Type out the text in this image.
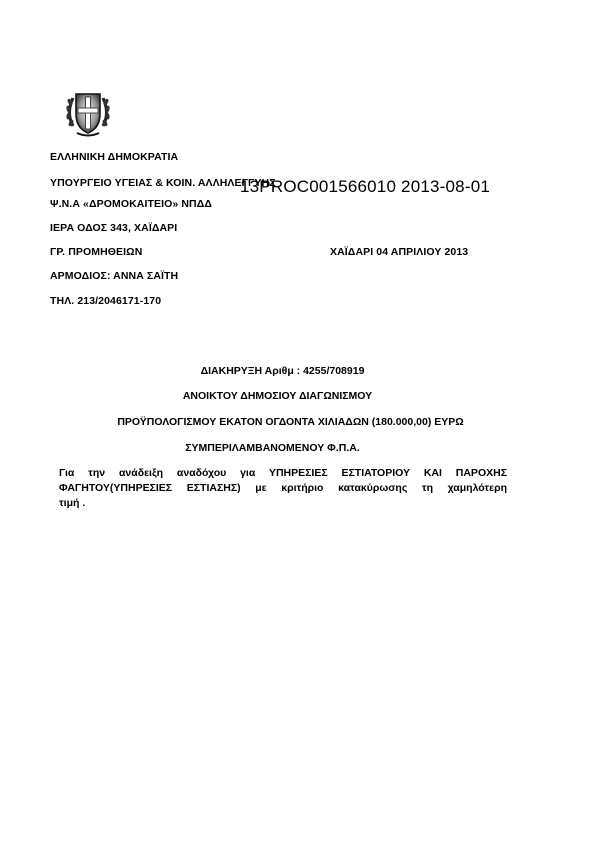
ΕΛΛΗΝΙΚΗ ΔΗΜΟΚΡΑΤΙΑ
ΥΠΟΥΡΓΕΙΟ ΥΓΕΙΑΣ & ΚΟΙΝ. ΑΛΛΗΛΕΓΓΥΗΣ
13PROC001566010 2013-08-01
Ψ.Ν.Α «ΔΡΟΜΟΚΑΙΤΕΙΟ» ΝΠΔΔ
ΙΕΡΑ ΟΔΟΣ 343, ΧΑΪΔΑΡΙ
ΓΡ. ΠΡΟΜΗΘΕΙΩΝ	ΧΑΪΔΑΡΙ 04 ΑΠΡΙΛΙΟΥ 2013
ΑΡΜΟΔΙΟΣ: ΑΝΝΑ ΣΑΪΤΗ
ΤΗΛ. 213/2046171-170
ΔΙΑΚΗΡΥΞΗ Αριθμ : 4255/708919
ΑΝΟΙΚΤΟΥ ΔΗΜΟΣΙΟΥ ΔΙΑΓΩΝΙΣΜΟΥ
ΠΡΟΫΠΟΛΟΓΙΣΜΟΥ ΕΚΑΤΟΝ ΟΓΔΟΝΤΑ ΧΙΛΙΑΔΩΝ (180.000,00) ΕΥΡΩ
ΣΥΜΠΕΡΙΛΑΜΒΑΝΟΜΕΝΟΥ Φ.Π.Α.
Για την ανάδειξη αναδόχου για ΥΠΗΡΕΣΙΕΣ ΕΣΤΙΑΤΟΡΙΟΥ ΚΑΙ ΠΑΡΟΧΗΣ
ΦΑΓΗΤΟΥ(ΥΠΗΡΕΣΙΕΣ ΕΣΤΙΑΣΗΣ) με κριτήριο κατακύρωσης τη χαμηλότερη
τιμή .
